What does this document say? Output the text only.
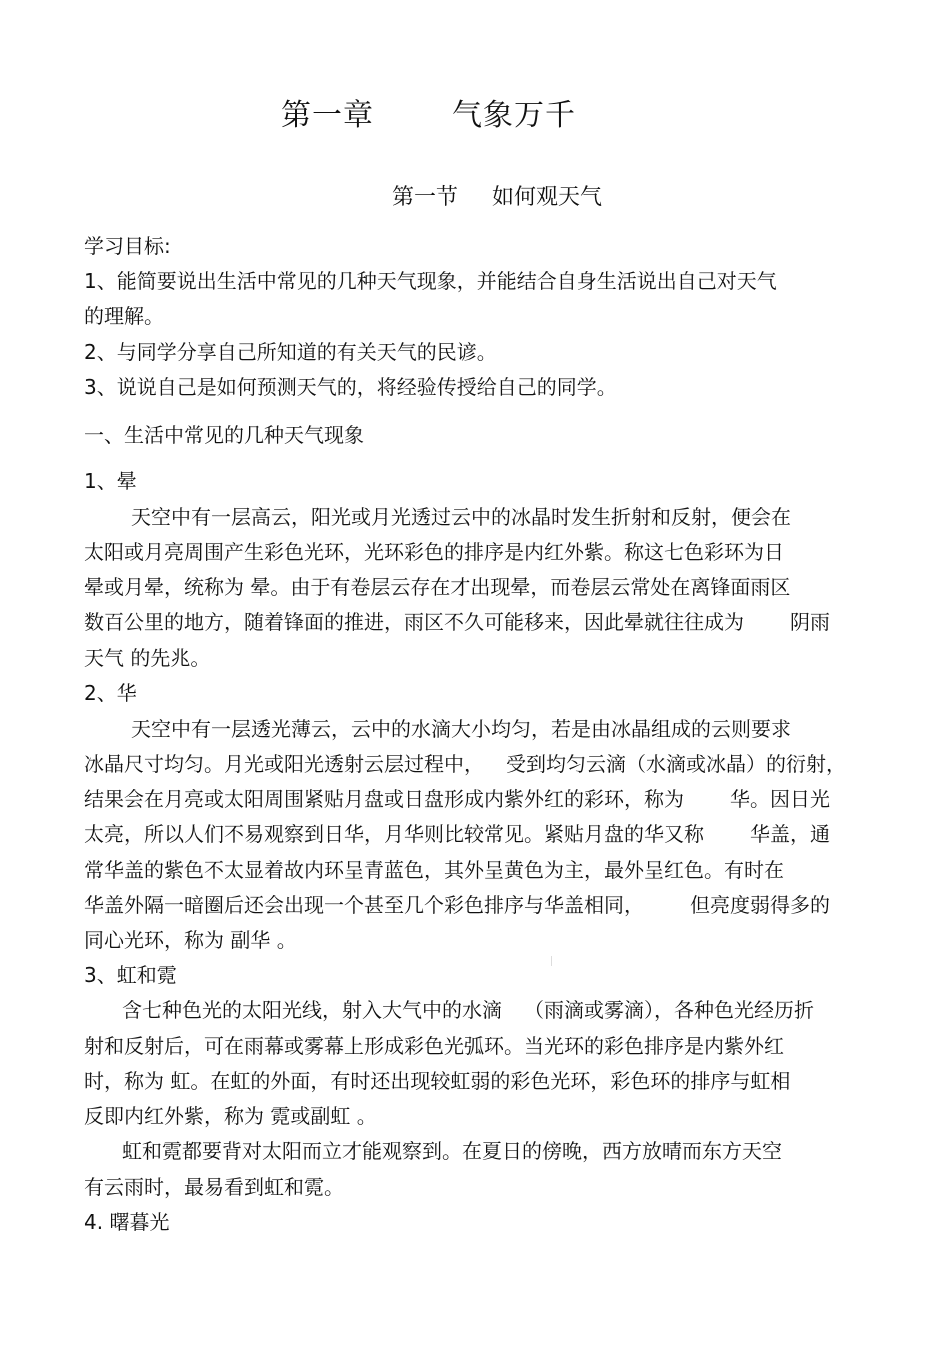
第一章	气象万千
第一节 如何观天气
学习目标:
1、能简要说出生活中常见的几种天气现象，并能结合自身生活说出自己对天气
的理解。
2、与同学分享自己所知道的有关天气的民谚。
3、说说自己是如何预测天气的，将经验传授给自己的同学。
一、生活中常见的几种天气现象
1、晕
天空中有一层高云，阳光或月光透过云中的冰晶时发生折射和反射，便会在
太阳或月亮周围产生彩色光环，光环彩色的排序是内红外紫。称这七色彩环为日
晕或月晕，统称为 晕。由于有卷层云存在才出现晕，而卷层云常处在离锋面雨区
数百公里的地方，随着锋面的推进，雨区不久可能移来，因此晕就往往成为 阴雨
天气 的先兆。
2、华
天空中有一层透光薄云，云中的水滴大小均匀，若是由冰晶组成的云则要求
冰晶尺寸均匀。月光或阳光透射云层过程中， 受到均匀云滴（水滴或冰晶）的衍射，
结果会在月亮或太阳周围紧贴月盘或日盘形成内紫外红的彩环，称为 华。因日光
太亮，所以人们不易观察到日华，月华则比较常见。紧贴月盘的华又称 华盖，通
常华盖的紫色不太显着故内环呈青蓝色，其外呈黄色为主，最外呈红色。有时在
华盖外隔一暗圈后还会出现一个甚至几个彩色排序与华盖相同， 但亮度弱得多的
同心光环，称为 副华 。
3、虹和霓
含七种色光的太阳光线，射入大气中的水滴 （雨滴或雾滴），各种色光经历折
射和反射后，可在雨幕或雾幕上形成彩色光弧环。当光环的彩色排序是内紫外红
时，称为 虹。在虹的外面，有时还出现较虹弱的彩色光环，彩色环的排序与虹相
反即内红外紫，称为 霓或副虹 。
虹和霓都要背对太阳而立才能观察到。在夏日的傍晚，西方放晴而东方天空
有云雨时，最易看到虹和霓。
4. 曙暮光
